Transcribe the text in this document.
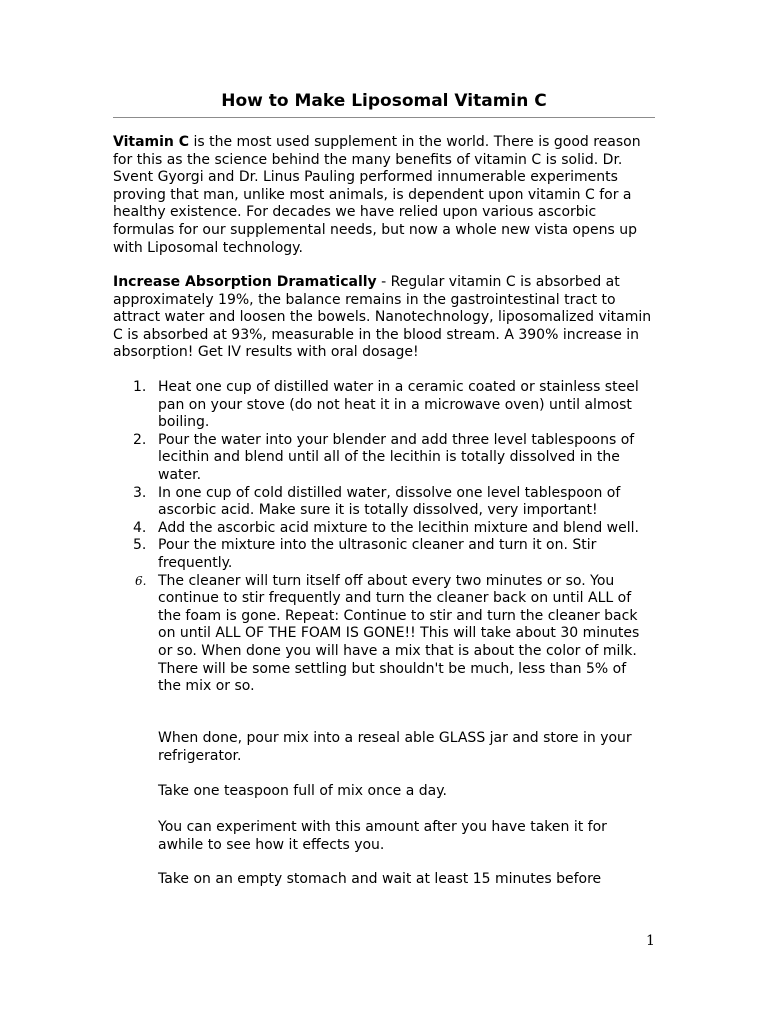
How to Make Liposomal Vitamin C
Vitamin C is the most used supplement in the world. There is good reason for this as the science behind the many benefits of vitamin C is solid. Dr. Svent Gyorgi and Dr. Linus Pauling performed innumerable experiments proving that man, unlike most animals, is dependent upon vitamin C for a healthy existence. For decades we have relied upon various ascorbic formulas for our supplemental needs, but now a whole new vista opens up with Liposomal technology.
Increase Absorption Dramatically - Regular vitamin C is absorbed at approximately 19%, the balance remains in the gastrointestinal tract to attract water and loosen the bowels. Nanotechnology, liposomalized vitamin C is absorbed at 93%, measurable in the blood stream. A 390% increase in absorption! Get IV results with oral dosage!
1. Heat one cup of distilled water in a ceramic coated or stainless steel pan on your stove (do not heat it in a microwave oven) until almost boiling.
2. Pour the water into your blender and add three level tablespoons of lecithin and blend until all of the lecithin is totally dissolved in the water.
3. In one cup of cold distilled water, dissolve one level tablespoon of ascorbic acid. Make sure it is totally dissolved, very important!
4. Add the ascorbic acid mixture to the lecithin mixture and blend well.
5. Pour the mixture into the ultrasonic cleaner and turn it on. Stir frequently.
6. The cleaner will turn itself off about every two minutes or so. You continue to stir frequently and turn the cleaner back on until ALL of the foam is gone. Repeat: Continue to stir and turn the cleaner back on until ALL OF THE FOAM IS GONE!! This will take about 30 minutes or so. When done you will have a mix that is about the color of milk. There will be some settling but shouldn't be much, less than 5% of the mix or so.
When done, pour mix into a reseal able GLASS jar and store in your refrigerator.
Take one teaspoon full of mix once a day.
You can experiment with this amount after you have taken it for awhile to see how it effects you.
Take on an empty stomach and wait at least 15 minutes before
1
